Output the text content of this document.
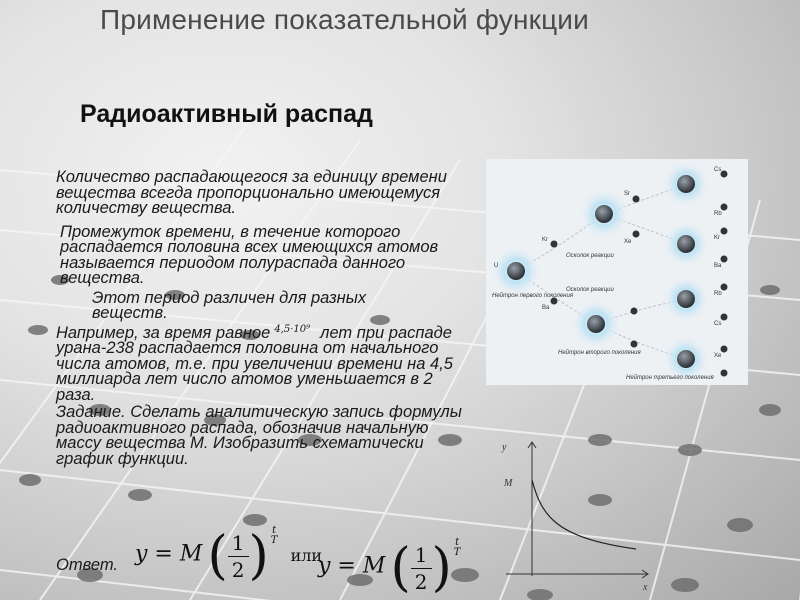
Применение показательной функции
Радиоактивный распад

Количество распадающегося за единицу времени вещества всегда пропорционально имеющемуся количеству вещества.

Промежуток времени, в течение которого распадается половина всех имеющихся атомов называется периодом полураспада данного вещества.

Этот период различен для разных
веществ.

Например, за время равное $^{4,5\cdot 10^9}$ лет при распаде урана-238 распадается половина от начального числа атомов, т.е. при увеличении времени на 4,5 миллиарда лет число атомов уменьшается в 2 раза.

Задание. Сделать аналитическую запись формулы радиоактивного распада, обозначив начальную массу вещества М. Изобразить схематически график функции.

Ответ. y = M ( $\frac{1}{2}$ ) t
T
или
y = M ( $\frac{1}{2}$ ) t
T
Нейтрон первого поколения
Нейтрон второго поколения
Нейтрон третьего поколения
Осколок реакции
Осколок реакции
Kr
Ba
Sr
Xe
Cs
Rb
Kr
Ba
U
Rb
Cs
Xe
y
M
x
